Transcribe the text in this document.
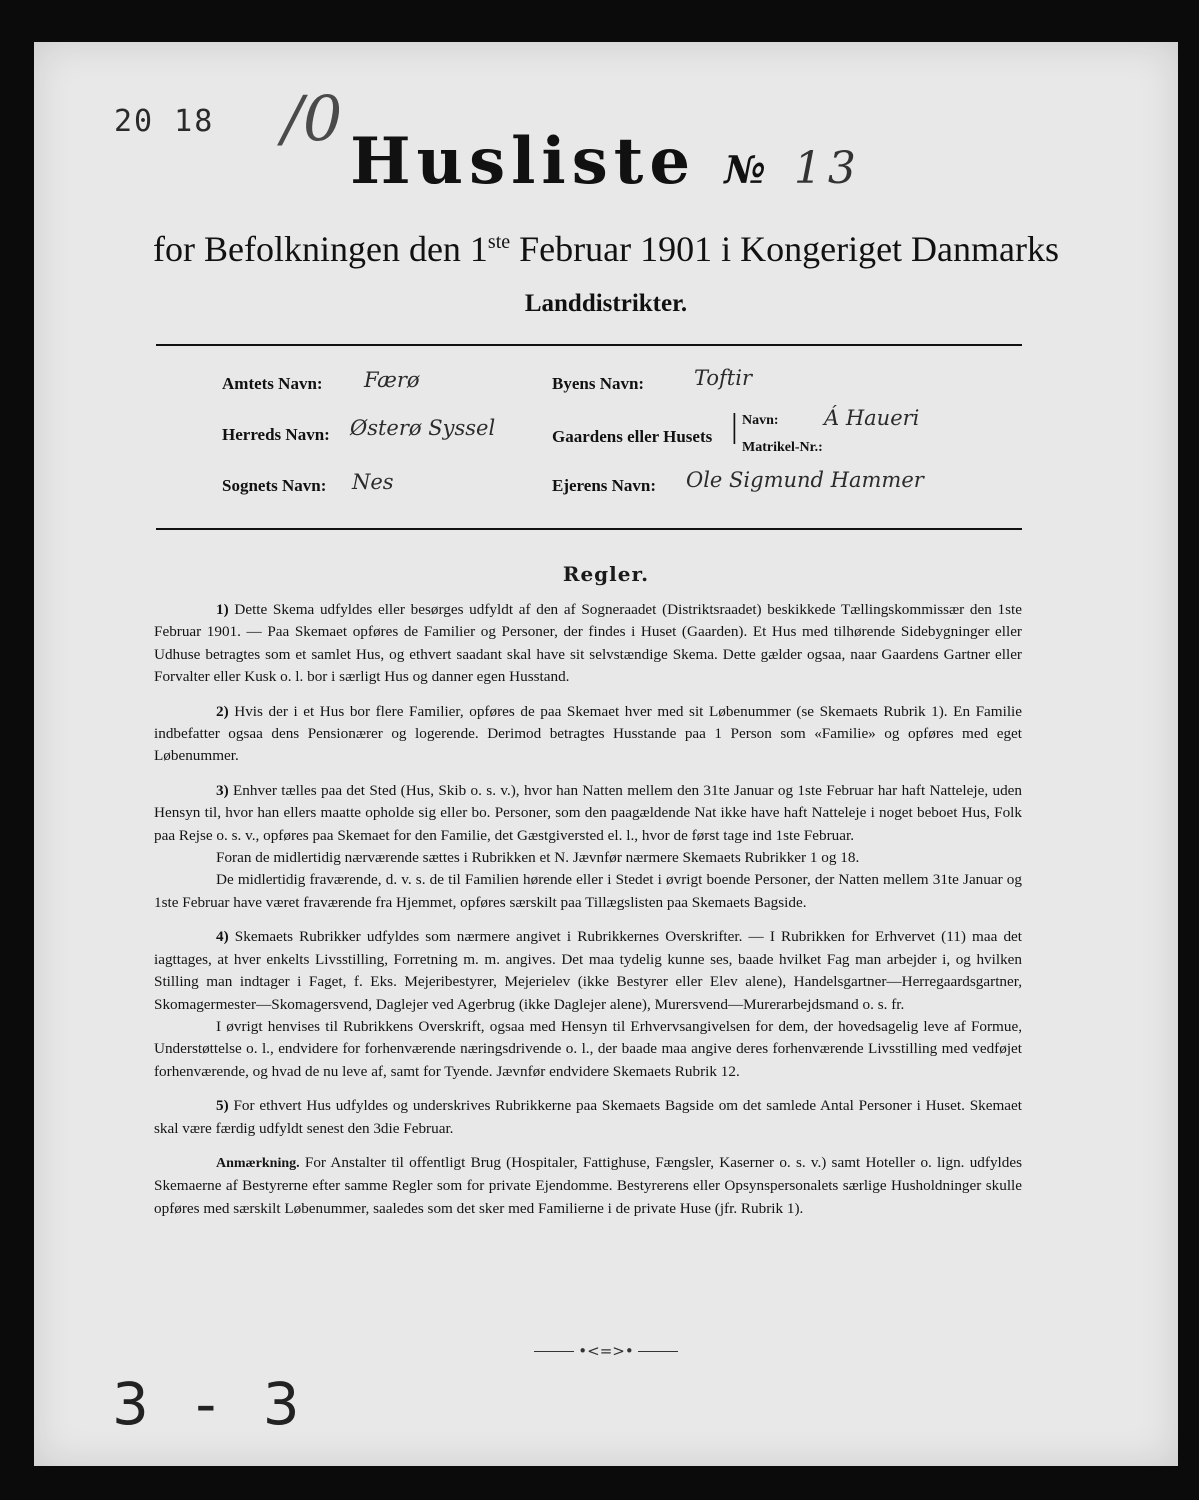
20 18 /0
Husliste № 13
for Befolkningen den 1ste Februar 1901 i Kongeriget Danmarks
Landdistrikter.
Amtets Navn: Færø
Herreds Navn: Østerø Syssel
Sognets Navn: Nes
Byens Navn: Toftir
Gaardens eller Husets | Navn: Á Haueri
Matrikel-Nr.:
Ejerens Navn: Ole Sigmund Hammer
Regler.

1) Dette Skema udfyldes eller besørges udfyldt af den af Sogneraadet (Distriktsraadet) beskikkede Tællingskommissær den 1ste Februar 1901. — Paa Skemaet opføres de Familier og Personer, der findes i Huset (Gaarden). Et Hus med tilhørende Sidebygninger eller Udhuse betragtes som et samlet Hus, og ethvert saadant skal have sit selvstændige Skema. Dette gælder ogsaa, naar Gaardens Gartner eller Forvalter eller Kusk o. l. bor i særligt Hus og danner egen Husstand.

2) Hvis der i et Hus bor flere Familier, opføres de paa Skemaet hver med sit Løbenummer (se Skemaets Rubrik 1). En Familie indbefatter ogsaa dens Pensionærer og logerende. Derimod betragtes Husstande paa 1 Person som «Familie» og opføres med eget Løbenummer.

3) Enhver tælles paa det Sted (Hus, Skib o. s. v.), hvor han Natten mellem den 31te Januar og 1ste Februar har haft Natteleje, uden Hensyn til, hvor han ellers maatte opholde sig eller bo. Personer, som den paagældende Nat ikke have haft Natteleje i noget beboet Hus, Folk paa Rejse o. s. v., opføres paa Skemaet for den Familie, det Gæstgiversted el. l., hvor de først tage ind 1ste Februar.

Foran de midlertidig nærværende sættes i Rubrikken et N. Jævnfør nærmere Skemaets Rubrikker 1 og 18.

De midlertidig fraværende, d. v. s. de til Familien hørende eller i Stedet i øvrigt boende Personer, der Natten mellem 31te Januar og 1ste Februar have været fraværende fra Hjemmet, opføres særskilt paa Tillægslisten paa Skemaets Bagside.

4) Skemaets Rubrikker udfyldes som nærmere angivet i Rubrikkernes Overskrifter. — I Rubrikken for Erhvervet (11) maa det iagttages, at hver enkelts Livsstilling, Forretning m. m. angives. Det maa tydelig kunne ses, baade hvilket Fag man arbejder i, og hvilken Stilling man indtager i Faget, f. Eks. Mejeribestyrer, Mejerielev (ikke Bestyrer eller Elev alene), Handelsgartner—Herregaardsgartner, Skomagermester—Skomagersvend, Daglejer ved Agerbrug (ikke Daglejer alene), Murersvend—Murerarbejdsmand o. s. fr.

I øvrigt henvises til Rubrikkens Overskrift, ogsaa med Hensyn til Erhvervsangivelsen for dem, der hovedsagelig leve af Formue, Understøttelse o. l., endvidere for forhenværende næringsdrivende o. l., der baade maa angive deres forhenværende Livsstilling med vedføjet forhenværende, og hvad de nu leve af, samt for Tyende. Jævnfør endvidere Skemaets Rubrik 12.

5) For ethvert Hus udfyldes og underskrives Rubrikkerne paa Skemaets Bagside om det samlede Antal Personer i Huset. Skemaet skal være færdig udfyldt senest den 3die Februar.

Anmærkning. For Anstalter til offentligt Brug (Hospitaler, Fattighuse, Fængsler, Kaserner o. s. v.) samt Hoteller o. lign. udfyldes Skemaerne af Bestyrerne efter samme Regler som for private Ejendomme. Bestyrerens eller Opsynspersonalets særlige Husholdninger skulle opføres med særskilt Løbenummer, saaledes som det sker med Familierne i de private Huse (jfr. Rubrik 1).

•<=>•
3 - 3
